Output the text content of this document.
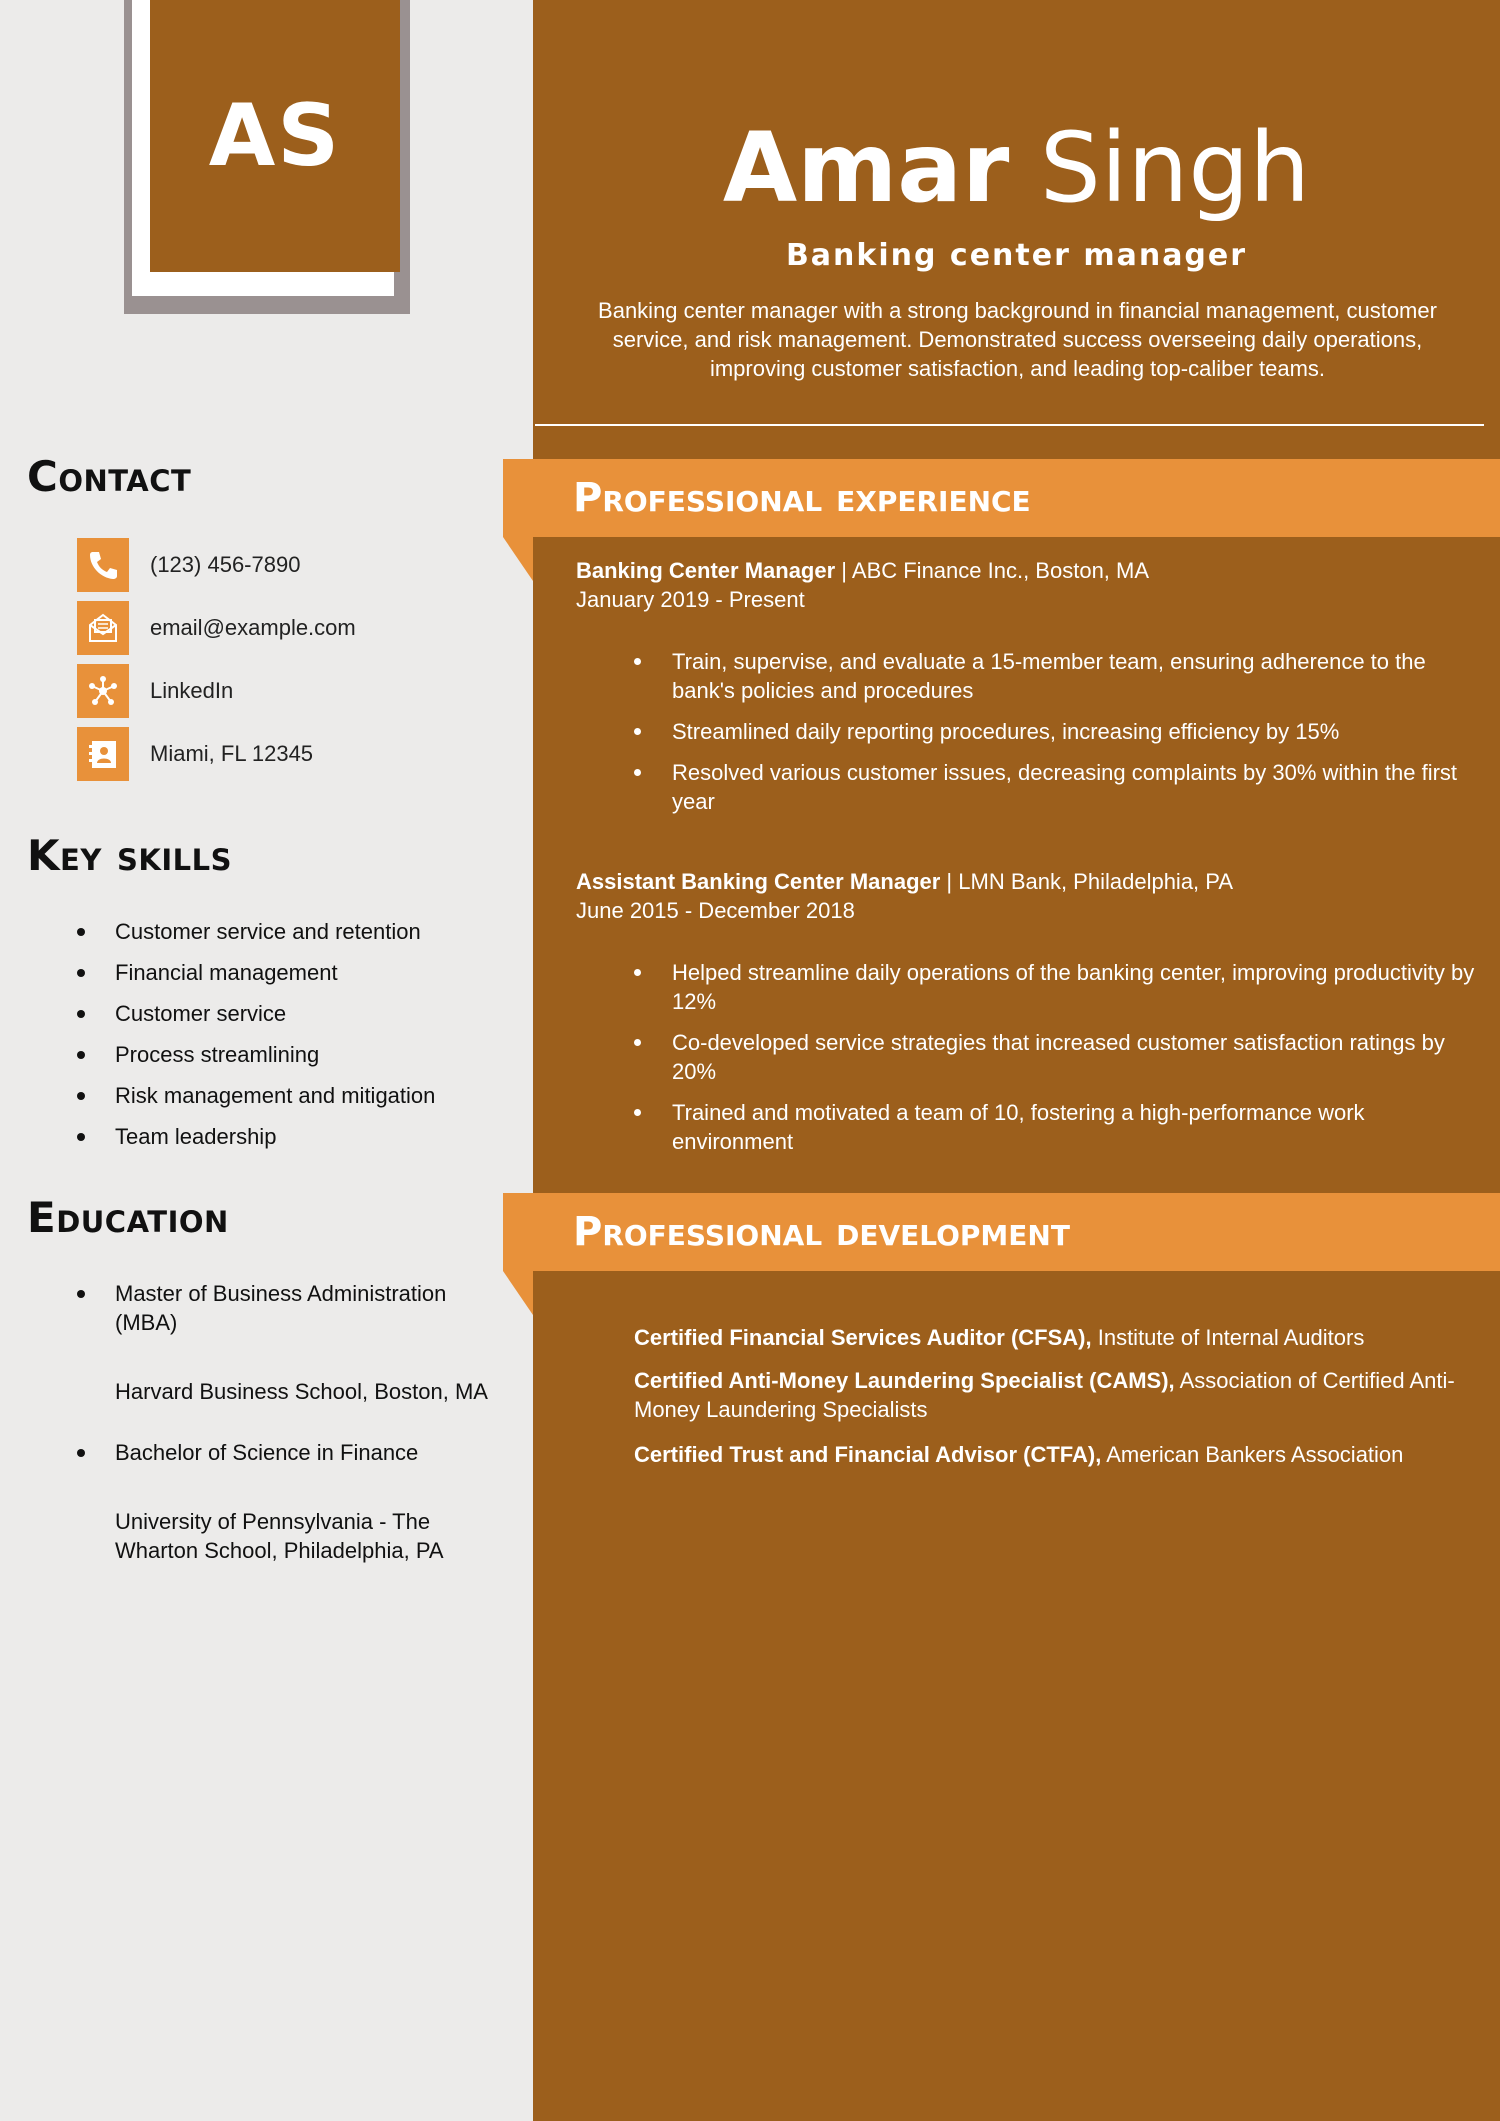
AS	Amar Singh
Banking center manager
Banking center manager with a strong background in financial management, customer service, and risk management. Demonstrated success overseeing daily operations, improving customer satisfaction, and leading top-caliber teams.
Contact
(123) 456-7890
email@example.com
LinkedIn
Miami, FL 12345
Key skills
Customer service and retention
Financial management
Customer service
Process streamlining
Risk management and mitigation
Team leadership
Education
Master of Business Administration (MBA)
Harvard Business School, Boston, MA
Bachelor of Science in Finance
University of Pennsylvania - The Wharton School, Philadelphia, PA
Professional experience
Banking Center Manager | ABC Finance Inc., Boston, MA
January 2019 - Present
Train, supervise, and evaluate a 15-member team, ensuring adherence to the bank's policies and procedures
Streamlined daily reporting procedures, increasing efficiency by 15%
Resolved various customer issues, decreasing complaints by 30% within the first year
Assistant Banking Center Manager | LMN Bank, Philadelphia, PA
June 2015 - December 2018
Helped streamline daily operations of the banking center, improving productivity by 12%
Co-developed service strategies that increased customer satisfaction ratings by 20%
Trained and motivated a team of 10, fostering a high-performance work environment
Professional development
Certified Financial Services Auditor (CFSA), Institute of Internal Auditors
Certified Anti-Money Laundering Specialist (CAMS), Association of Certified Anti-Money Laundering Specialists
Certified Trust and Financial Advisor (CTFA), American Bankers Association
